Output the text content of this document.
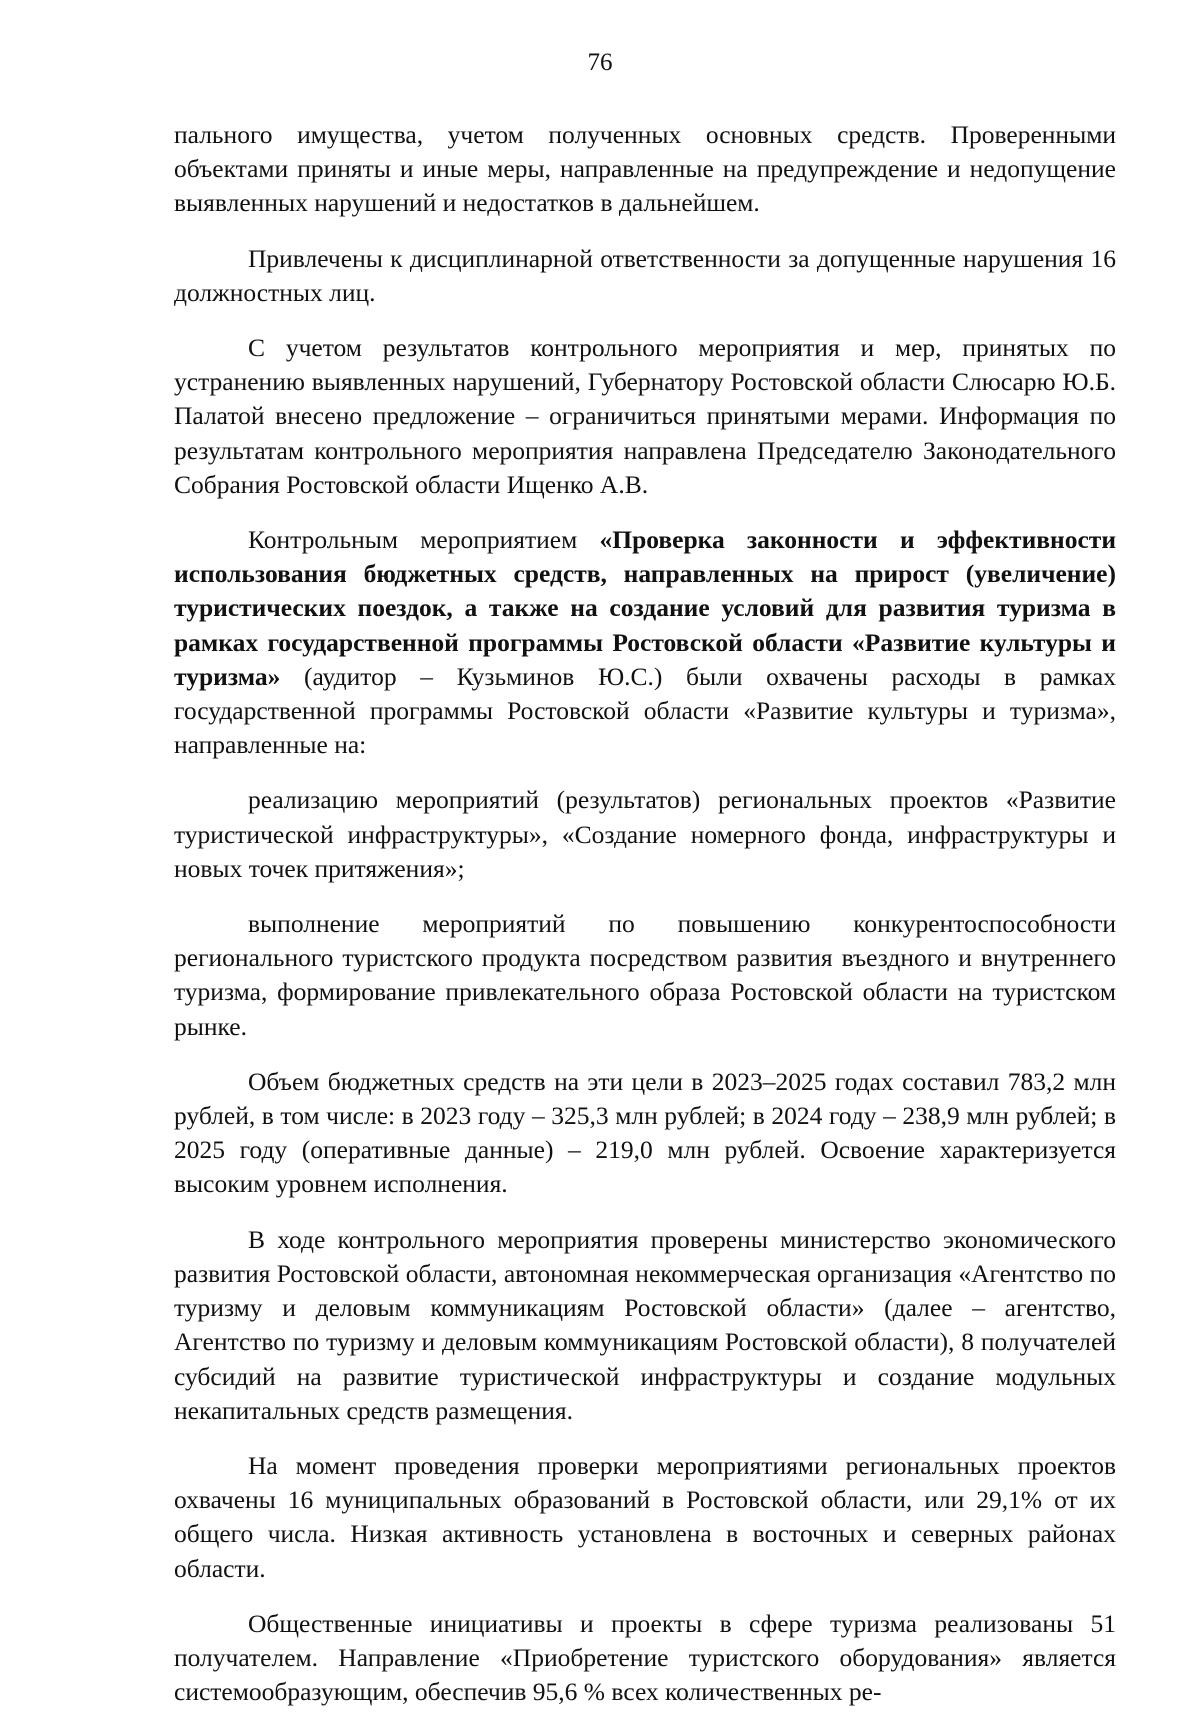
76

пального имущества, учетом полученных основных средств. Проверенными объектами приняты и иные меры, направленные на предупреждение и недопущение выявленных нарушений и недостатков в дальнейшем.

Привлечены к дисциплинарной ответственности за допущенные нарушения 16 должностных лиц.

С учетом результатов контрольного мероприятия и мер, принятых по устранению выявленных нарушений, Губернатору Ростовской области Слюсарю Ю.Б. Палатой внесено предложение – ограничиться принятыми мерами. Информация по результатам контрольного мероприятия направлена Председателю Законодательного Собрания Ростовской области Ищенко А.В.

Контрольным мероприятием «Проверка законности и эффективности использования бюджетных средств, направленных на прирост (увеличение) туристических поездок, а также на создание условий для развития туризма в рамках государственной программы Ростовской области «Развитие культуры и туризма» (аудитор – Кузьминов Ю.С.) были охвачены расходы в рамках государственной программы Ростовской области «Развитие культуры и туризма», направленные на:

реализацию мероприятий (результатов) региональных проектов «Развитие туристической инфраструктуры», «Создание номерного фонда, инфраструктуры и новых точек притяжения»;

выполнение мероприятий по повышению конкурентоспособности регионального туристского продукта посредством развития въездного и внутреннего туризма, формирование привлекательного образа Ростовской области на туристском рынке.

Объем бюджетных средств на эти цели в 2023–2025 годах составил 783,2 млн рублей, в том числе: в 2023 году – 325,3 млн рублей; в 2024 году – 238,9 млн рублей; в 2025 году (оперативные данные) – 219,0 млн рублей. Освоение характеризуется высоким уровнем исполнения.

В ходе контрольного мероприятия проверены министерство экономического развития Ростовской области, автономная некоммерческая организация «Агентство по туризму и деловым коммуникациям Ростовской области» (далее – агентство, Агентство по туризму и деловым коммуникациям Ростовской области), 8 получателей субсидий на развитие туристической инфраструктуры и создание модульных некапитальных средств размещения.

На момент проведения проверки мероприятиями региональных проектов охвачены 16 муниципальных образований в Ростовской области, или 29,1% от их общего числа. Низкая активность установлена в восточных и северных районах области.

Общественные инициативы и проекты в сфере туризма реализованы 51 получателем. Направление «Приобретение туристского оборудования» является системообразующим, обеспечив 95,6 % всех количественных ре-
